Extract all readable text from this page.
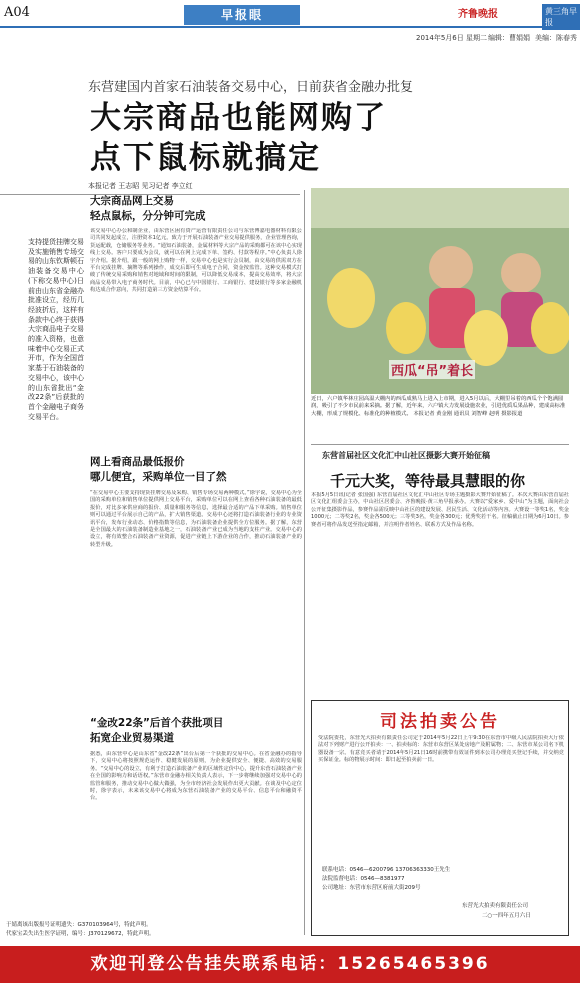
A04	早报眼	齐鲁晚报	黄三角早报
2014年5月6日 星期二 编辑：曹娟娟 美编：陈春秀
东营建国内首家石油装备交易中心，日前获省金融办批复
大宗商品也能网购了
点下鼠标就搞定
本报记者 王志昭 见习记者 李立红
支持提货挂牌交易及实施销售专场交易的山东钦斯顿石油装备交易中心(下称交易中心)日前由山东省金融办批准设立，经历几经波折后，这样有条款中心终于获得大宗商品电子交易的准入资格，也意味着中心交易正式开市，作为全国首家基于石油装备的交易中心，该中心的山东省批出“金改22条”后获批的首个金融电子商务交易平台。
大宗商品网上交易
轻点鼠标，分分钟可完成
该交易中心办公和制企业，由东营区困有资产运营有限责任公司与东营博嘉电器材料有限公司共同发起成立，注册资本1亿元。致力于开展石油装备产业交易提供服务，企业管理咨询，货运配载，仓储服务等业务。“通知石油装备，金属材料等大宗产品的采购都可在该中心实现线上交易。客户只要成为会员，就可以在网上完成下单、签约、付款等程序。”中心负责人徐宇介绍。据介绍，跟一般的网上购物一样，交易中心也是实行会员制，由交易的供需双方在平台完成挂牌、摘牌等系列操作，成交后即可生成电子合同，资金按监管。这种交易模式打破了传统交易采购和销售对地域和时间的限制，可以降低交易成本，提高交易效率，将大宗商品交易带入电子商务时代。目前，中心已与中国银行、工商银行、建设银行等多家金融机构达成合作意向，共同打造第三方资金结算平台。
网上看商品最低报价
哪儿便宜，采购单位一目了然
“在交易中心主要支持现货挂牌交易及采购、销售专场交易两种模式。”徐宇说，交易中心为全国的采购单位和销售单位提供网上交易平台，采购单位可以在网上查看各种石油装备的最低报价，对比多家供应商的报价、质量和服务等信息，选择最合适的产品下单采购。销售单位则可以通过平台展示自己的产品，扩大销售渠道。交易中心还将打造石油装备行业的专业资讯平台，发布行业动态、价格指数等信息，为石油装备企业提供全方位服务。据了解，东营是全国最大的石油装备制造业基地之一，石油装备产业已成为当地的支柱产业。交易中心的设立，将有效整合石油装备产业资源，促进产业链上下游企业的合作，推动石油装备产业的转型升级。
“金改22条”后首个获批项目
拓宽企业贸易渠道
据悉，由东营中心是山东省“金改22条”出台后第一个获批的交易中心。在省金融办的指导下，交易中心将按照规范运作、稳健发展的原则，为企业提供安全、便捷、高效的交易服务。“交易中心的设立，有利于打造石油装备产业的区域性定价中心，提升东营石油装备产业在全国的影响力和话语权。”东营市金融办相关负责人表示，下一步将继续加强对交易中心的监管和服务，推动交易中心做大做强，为全市经济社会发展作出更大贡献。在谈及中心定位时，徐宇表示，未来该交易中心将成为东营石油装备产业的交易平台、信息平台和融资平台。
西瓜“吊”着长
近日，六户镇华林庄园高温大棚内的西瓜成熟马上进入上市期，进入5月以后，大棚里吊着的西瓜个个饱满圆润，吸引了不少市民前来采摘。据了解，近年来，六户镇大力发展设施农业，引进优质瓜果品种，建成高标准大棚，形成了规模化、标准化的种植模式。 本报记者 黄金刚 通讯员 刘智峰 赵明 摄影报道
东营首届社区文化汇中山社区摄影大赛开始征稿
千元大奖，等待最具慧眼的你
本报5月5日讯(记者 张国强) 东营首届社区文化汇中山社区专场主题摄影大赛开始征稿了。本次大赛由东营首届社区文化汇组委会主办，中山社区居委会、齐鲁晚报·黄三角早报承办。大赛以“爱家乡、爱中山”为主题，面向社会公开征集摄影作品，参赛作品需反映中山社区的建设发展、居民生活、文化活动等内容。大赛设一等奖1名，奖金1000元；二等奖2名，奖金各500元；三等奖3名，奖金各300元；优秀奖若干名。征稿截止日期为6月10日。参赛者可将作品发送至指定邮箱，并注明作者姓名、联系方式及作品名称。
司法拍卖公告
受法院委托，东营光大拍卖有限责任公司定于2014年5月22日上午9:30在东营市中级人民法院拍卖大厅依法对下列财产进行公开拍卖：一、拍卖标的：东营市东营区某处房地产及附属物；二、东营市某公司名下机器设备一宗。有意竞买者请于2014年5月21日16时前携带有效证件到本公司办理竞买登记手续，并交纳竞买保证金。标的物展示时间：即日起至拍卖前一日。
联系电话：0546—6200796 13706363330王先生
法院监督电话：0546—8381977
公司地址：东营市东营区府前大街209号
东营光大拍卖有限责任公司
二○一四年五月六日
于婧离该出版报号证明遗失：G370103964号，特此声明。
代家宝丢失出生医学证明，编号：J370129672，特此声明。
欢迎刊登公告挂失联系电话：15265465396
